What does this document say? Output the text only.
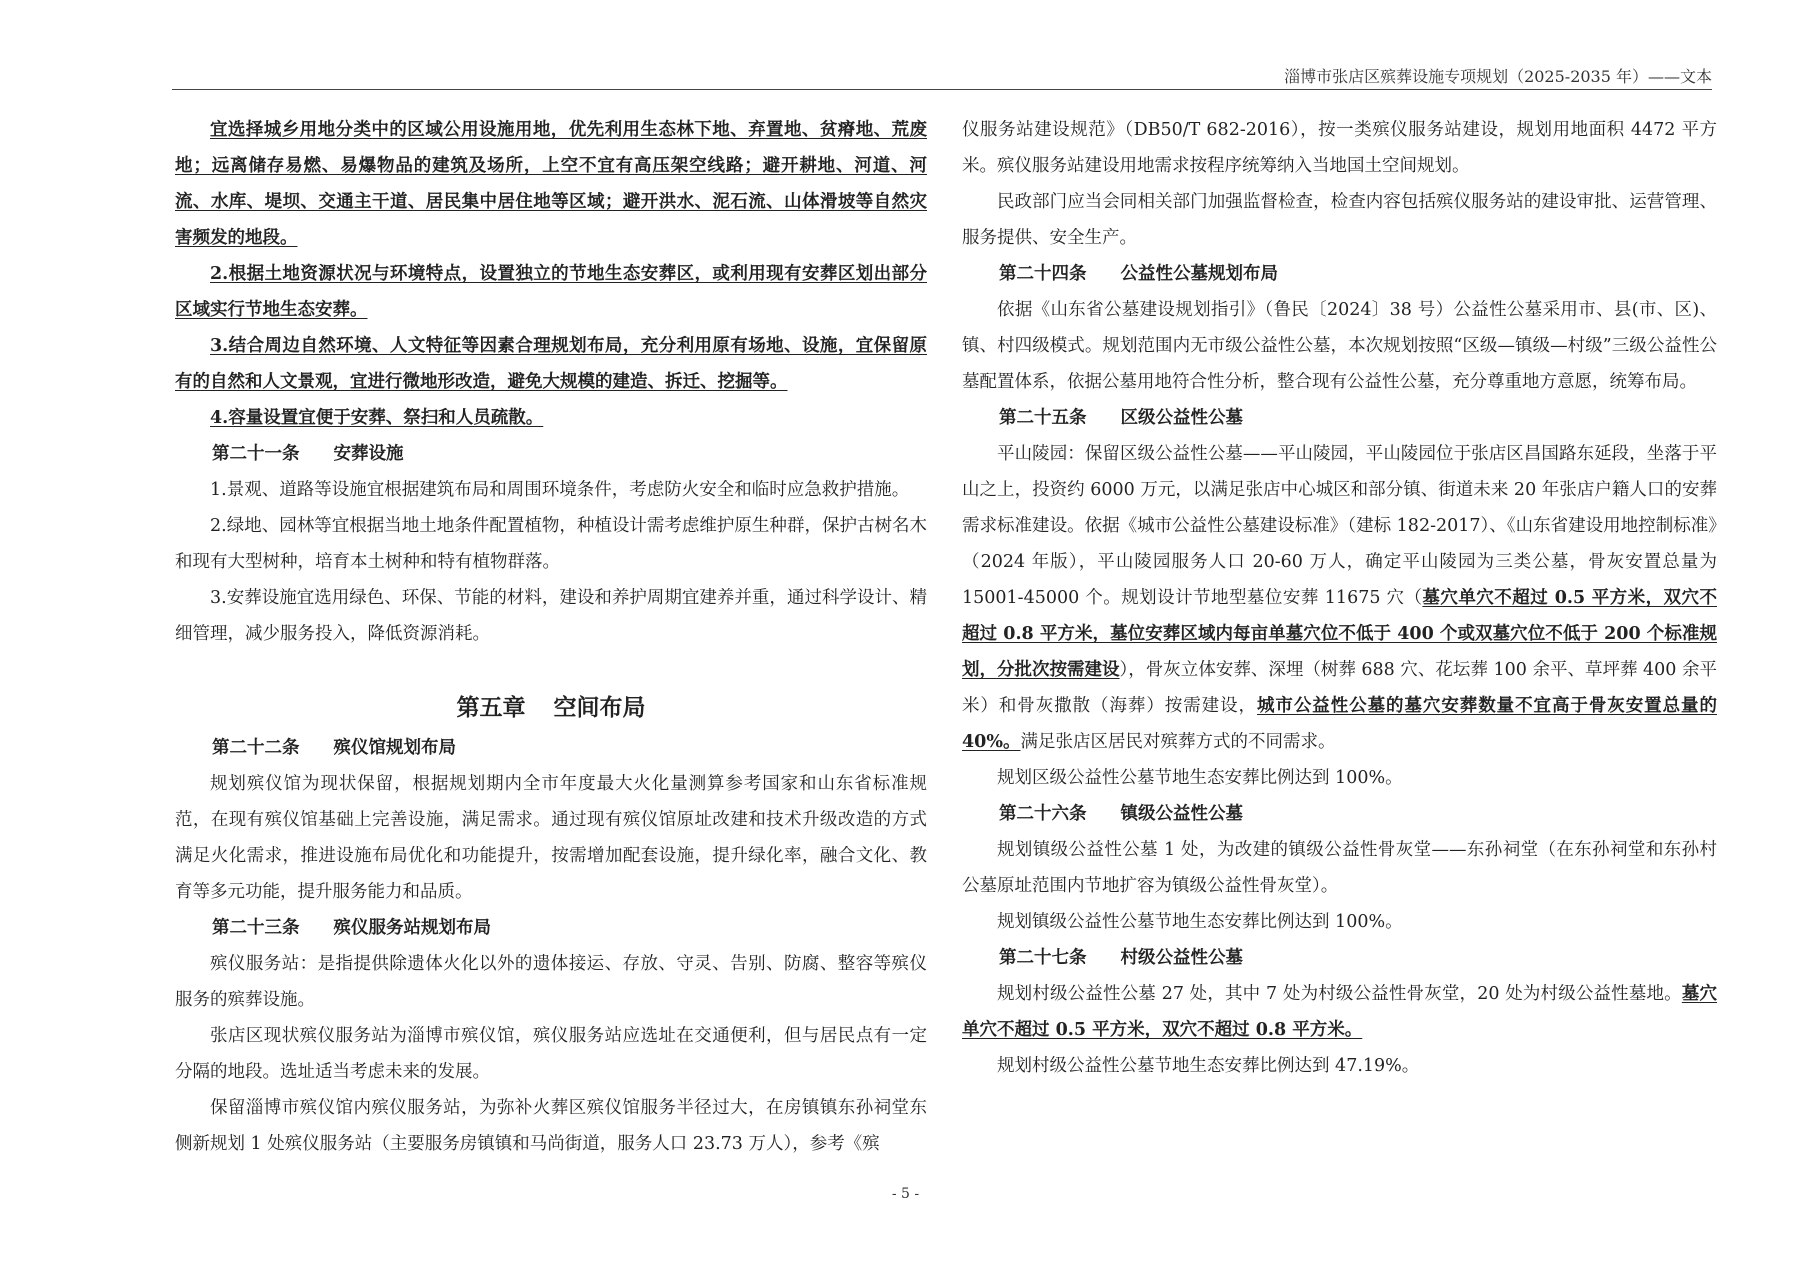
淄博市张店区殡葬设施专项规划（2025-2035 年）——文本

宜选择城乡用地分类中的区域公用设施用地，优先利用生态林下地、弃置地、贫瘠地、荒废地；远离储存易燃、易爆物品的建筑及场所，上空不宜有高压架空线路；避开耕地、河道、河流、水库、堤坝、交通主干道、居民集中居住地等区域；避开洪水、泥石流、山体滑坡等自然灾害频发的地段。

2.根据土地资源状况与环境特点，设置独立的节地生态安葬区，或利用现有安葬区划出部分区域实行节地生态安葬。

3.结合周边自然环境、人文特征等因素合理规划布局，充分利用原有场地、设施，宜保留原有的自然和人文景观，宜进行微地形改造，避免大规模的建造、拆迁、挖掘等。

4.容量设置宜便于安葬、祭扫和人员疏散。

第二十一条 安葬设施

1.景观、道路等设施宜根据建筑布局和周围环境条件，考虑防火安全和临时应急救护措施。

2.绿地、园林等宜根据当地土地条件配置植物，种植设计需考虑维护原生种群，保护古树名木和现有大型树种，培育本土树种和特有植物群落。

3.安葬设施宜选用绿色、环保、节能的材料，建设和养护周期宜建养并重，通过科学设计、精细管理，减少服务投入，降低资源消耗。

第五章 空间布局

第二十二条 殡仪馆规划布局

规划殡仪馆为现状保留，根据规划期内全市年度最大火化量测算参考国家和山东省标准规范，在现有殡仪馆基础上完善设施，满足需求。通过现有殡仪馆原址改建和技术升级改造的方式满足火化需求，推进设施布局优化和功能提升，按需增加配套设施，提升绿化率，融合文化、教育等多元功能，提升服务能力和品质。

第二十三条 殡仪服务站规划布局

殡仪服务站：是指提供除遗体火化以外的遗体接运、存放、守灵、告别、防腐、整容等殡仪服务的殡葬设施。

张店区现状殡仪服务站为淄博市殡仪馆，殡仪服务站应选址在交通便利，但与居民点有一定分隔的地段。选址适当考虑未来的发展。

保留淄博市殡仪馆内殡仪服务站，为弥补火葬区殡仪馆服务半径过大，在房镇镇东孙祠堂东侧新规划 1 处殡仪服务站（主要服务房镇镇和马尚街道，服务人口 23.73 万人），参考《殡

仪服务站建设规范》（DB50/T 682-2016），按一类殡仪服务站建设，规划用地面积 4472 平方米。殡仪服务站建设用地需求按程序统筹纳入当地国土空间规划。

民政部门应当会同相关部门加强监督检查，检查内容包括殡仪服务站的建设审批、运营管理、服务提供、安全生产。

第二十四条 公益性公墓规划布局

依据《山东省公墓建设规划指引》（鲁民〔2024〕38 号）公益性公墓采用市、县(市、区)、镇、村四级模式。规划范围内无市级公益性公墓，本次规划按照“区级—镇级—村级”三级公益性公墓配置体系，依据公墓用地符合性分析，整合现有公益性公墓，充分尊重地方意愿，统筹布局。

第二十五条 区级公益性公墓

平山陵园：保留区级公益性公墓——平山陵园，平山陵园位于张店区昌国路东延段，坐落于平山之上，投资约 6000 万元，以满足张店中心城区和部分镇、街道未来 20 年张店户籍人口的安葬需求标准建设。依据《城市公益性公墓建设标准》（建标 182-2017）、《山东省建设用地控制标准》（2024 年版），平山陵园服务人口 20-60 万人，确定平山陵园为三类公墓，骨灰安置总量为 15001-45000 个。规划设计节地型墓位安葬 11675 穴（墓穴单穴不超过 0.5 平方米，双穴不超过 0.8 平方米，墓位安葬区域内每亩单墓穴位不低于 400 个或双墓穴位不低于 200 个标准规划，分批次按需建设），骨灰立体安葬、深埋（树葬 688 穴、花坛葬 100 余平、草坪葬 400 余平米）和骨灰撒散（海葬）按需建设，城市公益性公墓的墓穴安葬数量不宜高于骨灰安置总量的 40%。满足张店区居民对殡葬方式的不同需求。

规划区级公益性公墓节地生态安葬比例达到 100%。

第二十六条 镇级公益性公墓

规划镇级公益性公墓 1 处，为改建的镇级公益性骨灰堂——东孙祠堂（在东孙祠堂和东孙村公墓原址范围内节地扩容为镇级公益性骨灰堂）。

规划镇级公益性公墓节地生态安葬比例达到 100%。

第二十七条 村级公益性公墓

规划村级公益性公墓 27 处，其中 7 处为村级公益性骨灰堂，20 处为村级公益性墓地。墓穴单穴不超过 0.5 平方米，双穴不超过 0.8 平方米。

规划村级公益性公墓节地生态安葬比例达到 47.19%。

- 5 -
